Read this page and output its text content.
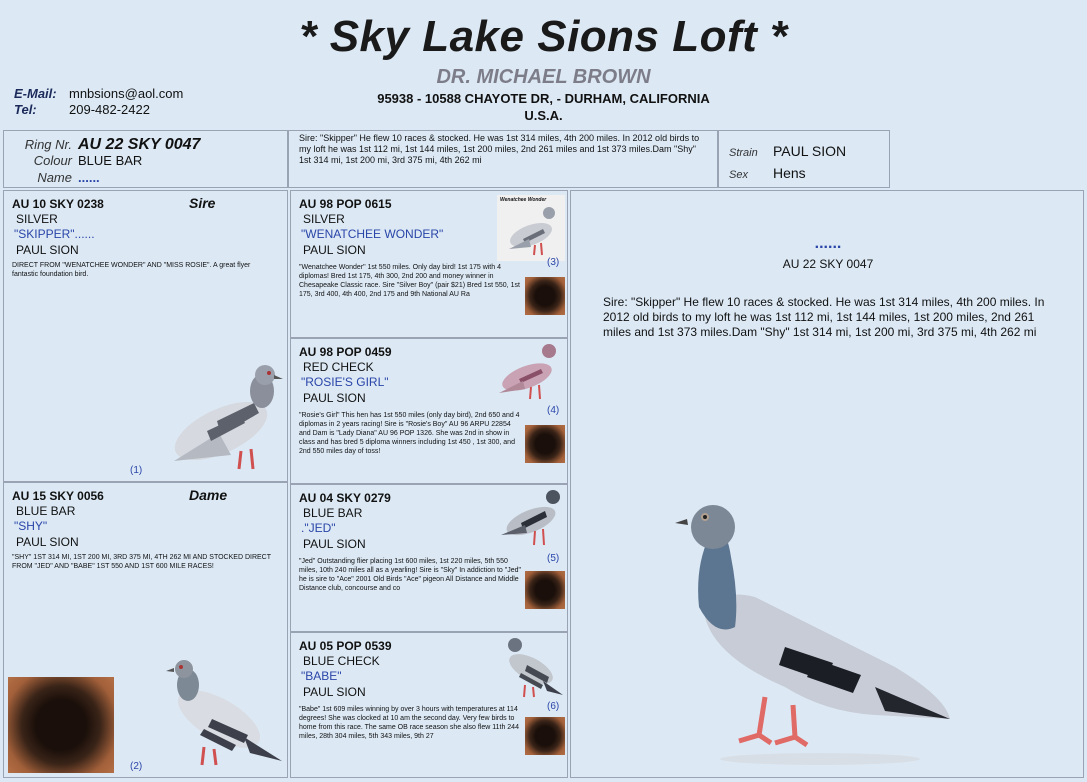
* Sky Lake Sions Loft *
DR. MICHAEL BROWN
95938 - 10588 CHAYOTE DR, - DURHAM, CALIFORNIA
U.S.A.
E-Mail: mnbsions@aol.com
Tel: 209-482-2422
Ring Nr. AU 22 SKY 0047
Colour BLUE BAR
Name ......
Sire: "Skipper" He flew 10 races & stocked. He was 1st 314 miles, 4th 200 miles. In 2012 old birds to my loft he was 1st 112 mi, 1st 144 miles, 1st 200 miles, 2nd 261 miles and 1st 373 miles.Dam "Shy" 1st 314 mi, 1st 200 mi, 3rd 375 mi, 4th 262 mi
Strain PAUL SION
Sex Hens
AU 10 SKY 0238	Sire
SILVER
"SKIPPER"......
PAUL SION
DIRECT FROM "WENATCHEE WONDER" AND "MISS ROSIE". A great flyer fantastic foundation bird.
(1)
AU 15 SKY 0056	Dame
BLUE BAR
"SHY"
PAUL SION
"SHY" 1ST 314 MI, 1ST 200 MI, 3RD 375 MI, 4TH 262 MI AND STOCKED DIRECT FROM "JED" AND "BABE" 1ST 550 AND 1ST 600 MILE RACES!
(2)
AU 98 POP 0615
SILVER
"WENATCHEE WONDER"
PAUL SION
"Wenatchee Wonder" 1st 550 miles. Only day bird! 1st 175 with 4 diplomas! Bred 1st 175, 4th 300, 2nd 200 and money winner in Chesapeake Classic race. Sire "Silver Boy" (pair $21) Bred 1st 550, 1st 175, 3rd 400, 4th 400, 2nd 175 and 9th National AU Ra
Wenatchee Wonder
(3)
AU 98 POP 0459
RED CHECK
"ROSIE'S GIRL"
PAUL SION
"Rosie's Girl" This hen has 1st 550 miles (only day bird), 2nd 650 and 4 diplomas in 2 years racing! Sire is "Rosie's Boy" AU 96 ARPU 22854 and Dam is "Lady Diana" AU 96 POP 1326. She was 2nd in show in class and has bred 5 diploma winners including 1st 450 , 1st 300, and 2nd 550 miles day of toss!
(4)
AU 04 SKY 0279
BLUE BAR
."JED"
PAUL SION
"Jed" Outstanding flier placing 1st 600 miles, 1st 220 miles, 5th 550 miles, 10th 240 miles all as a yearling! Sire is "Sky" In addiction to "Jed" he is sire to "Ace" 2001 Old Birds "Ace" pigeon All Distance and Middle Distance club, concourse and co
(5)
AU 05 POP 0539
BLUE CHECK
"BABE"
PAUL SION
"Babe" 1st 609 miles winning by over 3 hours with temperatures at 114 degrees! She was clocked at 10 am the second day. Very few birds to home from this race. The same OB race season she also flew 11th 244 miles, 28th 304 miles, 5th 343 miles, 9th 27
(6)
......
AU 22 SKY 0047
Sire: "Skipper" He flew 10 races & stocked. He was 1st 314 miles, 4th 200 miles. In 2012 old birds to my loft he was 1st 112 mi, 1st 144 miles, 1st 200 miles, 2nd 261 miles and 1st 373 miles.Dam "Shy" 1st 314 mi, 1st 200 mi, 3rd 375 mi, 4th 262 mi
